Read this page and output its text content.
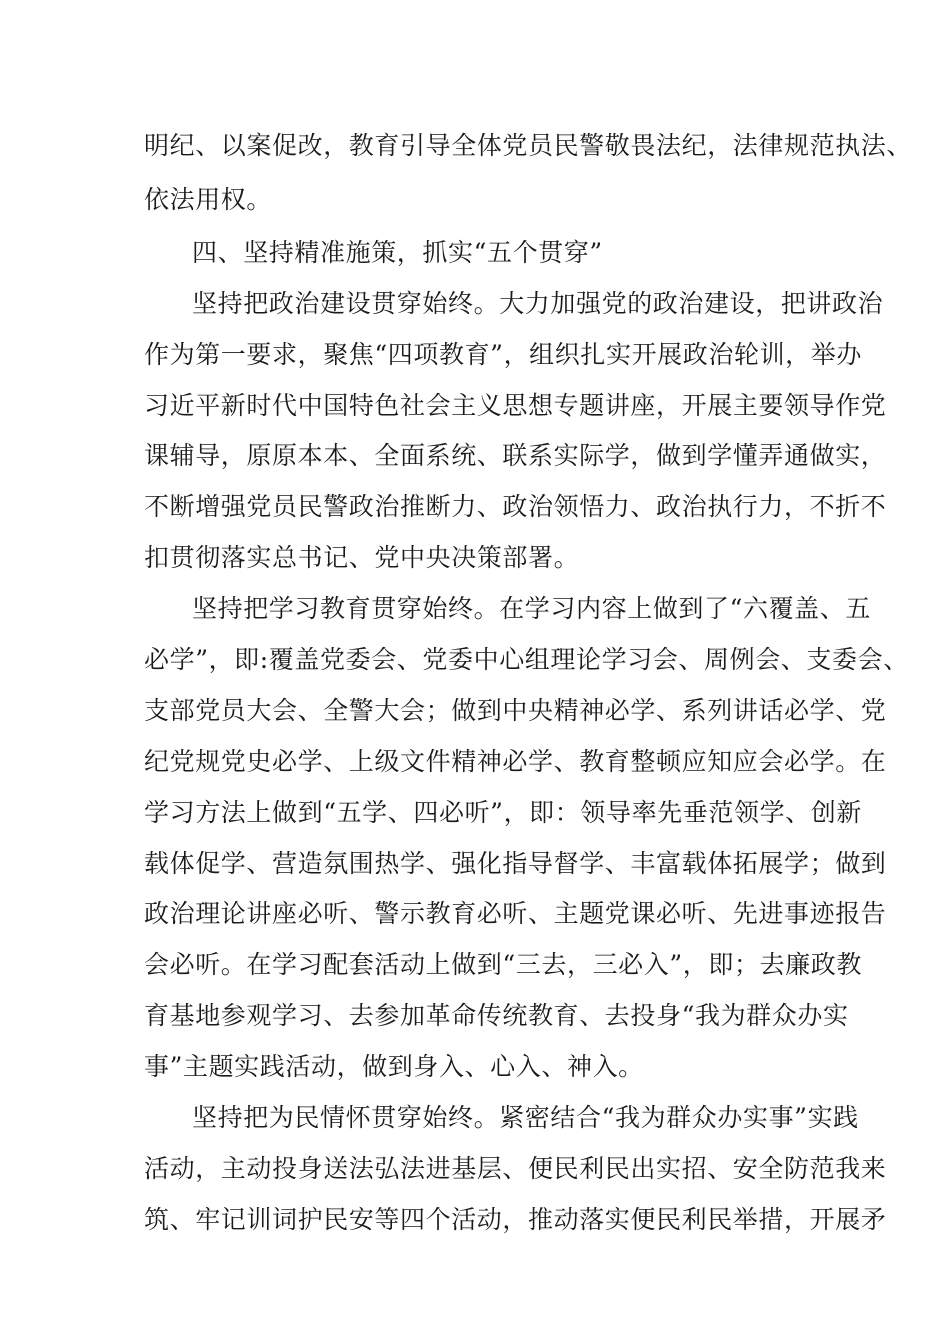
明纪、以案促改，教育引导全体党员民警敬畏法纪，法律规范执法、
依法用权。
四、坚持精准施策，抓实“五个贯穿”
坚持把政治建设贯穿始终。大力加强党的政治建设，把讲政治
作为第一要求，聚焦“四项教育”，组织扎实开展政治轮训，举办
习近平新时代中国特色社会主义思想专题讲座，开展主要领导作党
课辅导，原原本本、全面系统、联系实际学，做到学懂弄通做实，
不断增强党员民警政治推断力、政治领悟力、政治执行力，不折不
扣贯彻落实总书记、党中央决策部署。
坚持把学习教育贯穿始终。在学习内容上做到了“六覆盖、五
必学”，即:覆盖党委会、党委中心组理论学习会、周例会、支委会、
支部党员大会、全警大会；做到中央精神必学、系列讲话必学、党
纪党规党史必学、上级文件精神必学、教育整顿应知应会必学。在
学习方法上做到“五学、四必听”，即：领导率先垂范领学、创新
载体促学、营造氛围热学、强化指导督学、丰富载体拓展学；做到
政治理论讲座必听、警示教育必听、主题党课必听、先进事迹报告
会必听。在学习配套活动上做到“三去，三必入”，即；去廉政教
育基地参观学习、去参加革命传统教育、去投身“我为群众办实
事”主题实践活动，做到身入、心入、神入。
坚持把为民情怀贯穿始终。紧密结合“我为群众办实事”实践
活动，主动投身送法弘法进基层、便民利民出实招、安全防范我来
筑、牢记训词护民安等四个活动，推动落实便民利民举措，开展矛
